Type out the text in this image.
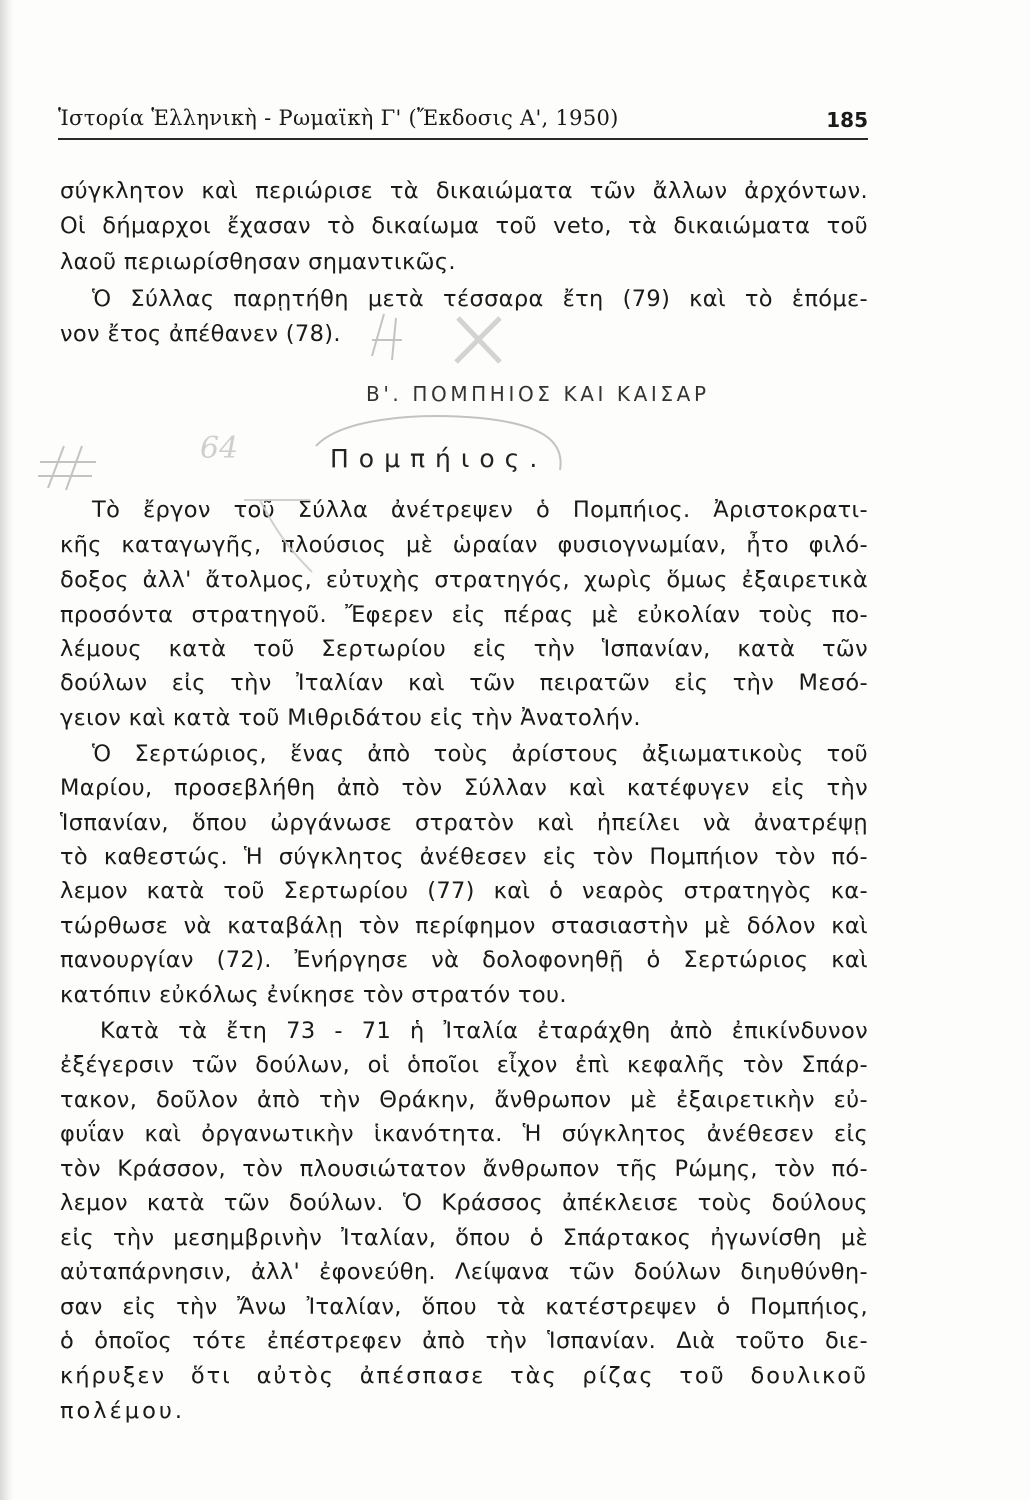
Ἱστορία Ἑλληνικὴ - Ρωμαϊκὴ Γ' (Ἔκδοσις Α', 1950)	185
σύγκλητον καὶ περιώρισε τὰ δικαιώματα τῶν ἄλλων ἀρχόντων.
Οἱ δήμαρχοι ἔχασαν τὸ δικαίωμα τοῦ veto, τὰ δικαιώματα τοῦ
λαοῦ περιωρίσθησαν σημαντικῶς.
Ὁ Σύλλας παρῃτήθη μετὰ τέσσαρα ἔτη (79) καὶ τὸ ἑπόμε-
νον ἔτος ἀπέθανεν (78).
Β'. ΠΟΜΠΗΙΟΣ ΚΑΙ ΚΑΙΣΑΡ
Πομπήιος.
Τὸ ἔργον τοῦ Σύλλα ἀνέτρεψεν ὁ Πομπήιος. Ἀριστοκρατι-
κῆς καταγωγῆς, πλούσιος μὲ ὡραίαν φυσιογνωμίαν, ἦτο φιλό-
δοξος ἀλλ' ἄτολμος, εὐτυχὴς στρατηγός, χωρὶς ὅμως ἐξαιρετικὰ
προσόντα στρατηγοῦ. Ἔφερεν εἰς πέρας μὲ εὐκολίαν τοὺς πο-
λέμους κατὰ τοῦ Σερτωρίου εἰς τὴν Ἱσπανίαν, κατὰ τῶν
δούλων εἰς τὴν Ἰταλίαν καὶ τῶν πειρατῶν εἰς τὴν Μεσό-
γειον καὶ κατὰ τοῦ Μιθριδάτου εἰς τὴν Ἀνατολήν.
Ὁ Σερτώριος, ἕνας ἀπὸ τοὺς ἀρίστους ἀξιωματικοὺς τοῦ
Μαρίου, προσεβλήθη ἀπὸ τὸν Σύλλαν καὶ κατέφυγεν εἰς τὴν
Ἱσπανίαν, ὅπου ὠργάνωσε στρατὸν καὶ ἠπείλει νὰ ἀνατρέψῃ
τὸ καθεστώς. Ἡ σύγκλητος ἀνέθεσεν εἰς τὸν Πομπήιον τὸν πό-
λεμον κατὰ τοῦ Σερτωρίου (77) καὶ ὁ νεαρὸς στρατηγὸς κα-
τώρθωσε νὰ καταβάλῃ τὸν περίφημον στασιαστὴν μὲ δόλον καὶ
πανουργίαν (72). Ἐνήργησε νὰ δολοφονηθῇ ὁ Σερτώριος καὶ
κατόπιν εὐκόλως ἐνίκησε τὸν στρατόν του.
Κατὰ τὰ ἔτη 73 - 71 ἡ Ἰταλία ἐταράχθη ἀπὸ ἐπικίνδυνον
ἐξέγερσιν τῶν δούλων, οἱ ὁποῖοι εἶχον ἐπὶ κεφαλῆς τὸν Σπάρ-
τακον, δοῦλον ἀπὸ τὴν Θράκην, ἄνθρωπον μὲ ἐξαιρετικὴν εὐ-
φυΐαν καὶ ὀργανωτικὴν ἱκανότητα. Ἡ σύγκλητος ἀνέθεσεν εἰς
τὸν Κράσσον, τὸν πλουσιώτατον ἄνθρωπον τῆς Ρώμης, τὸν πό-
λεμον κατὰ τῶν δούλων. Ὁ Κράσσος ἀπέκλεισε τοὺς δούλους
εἰς τὴν μεσημβρινὴν Ἰταλίαν, ὅπου ὁ Σπάρτακος ἠγωνίσθη μὲ
αὐταπάρνησιν, ἀλλ' ἐφονεύθη. Λείψανα τῶν δούλων διηυθύνθη-
σαν εἰς τὴν Ἄνω Ἰταλίαν, ὅπου τὰ κατέστρεψεν ὁ Πομπήιος,
ὁ ὁποῖος τότε ἐπέστρεφεν ἀπὸ τὴν Ἱσπανίαν. Διὰ τοῦτο διε-
κήρυξεν ὅτι αὐτὸς ἀπέσπασε τὰς ρίζας τοῦ δουλικοῦ
πολέμου.
64
